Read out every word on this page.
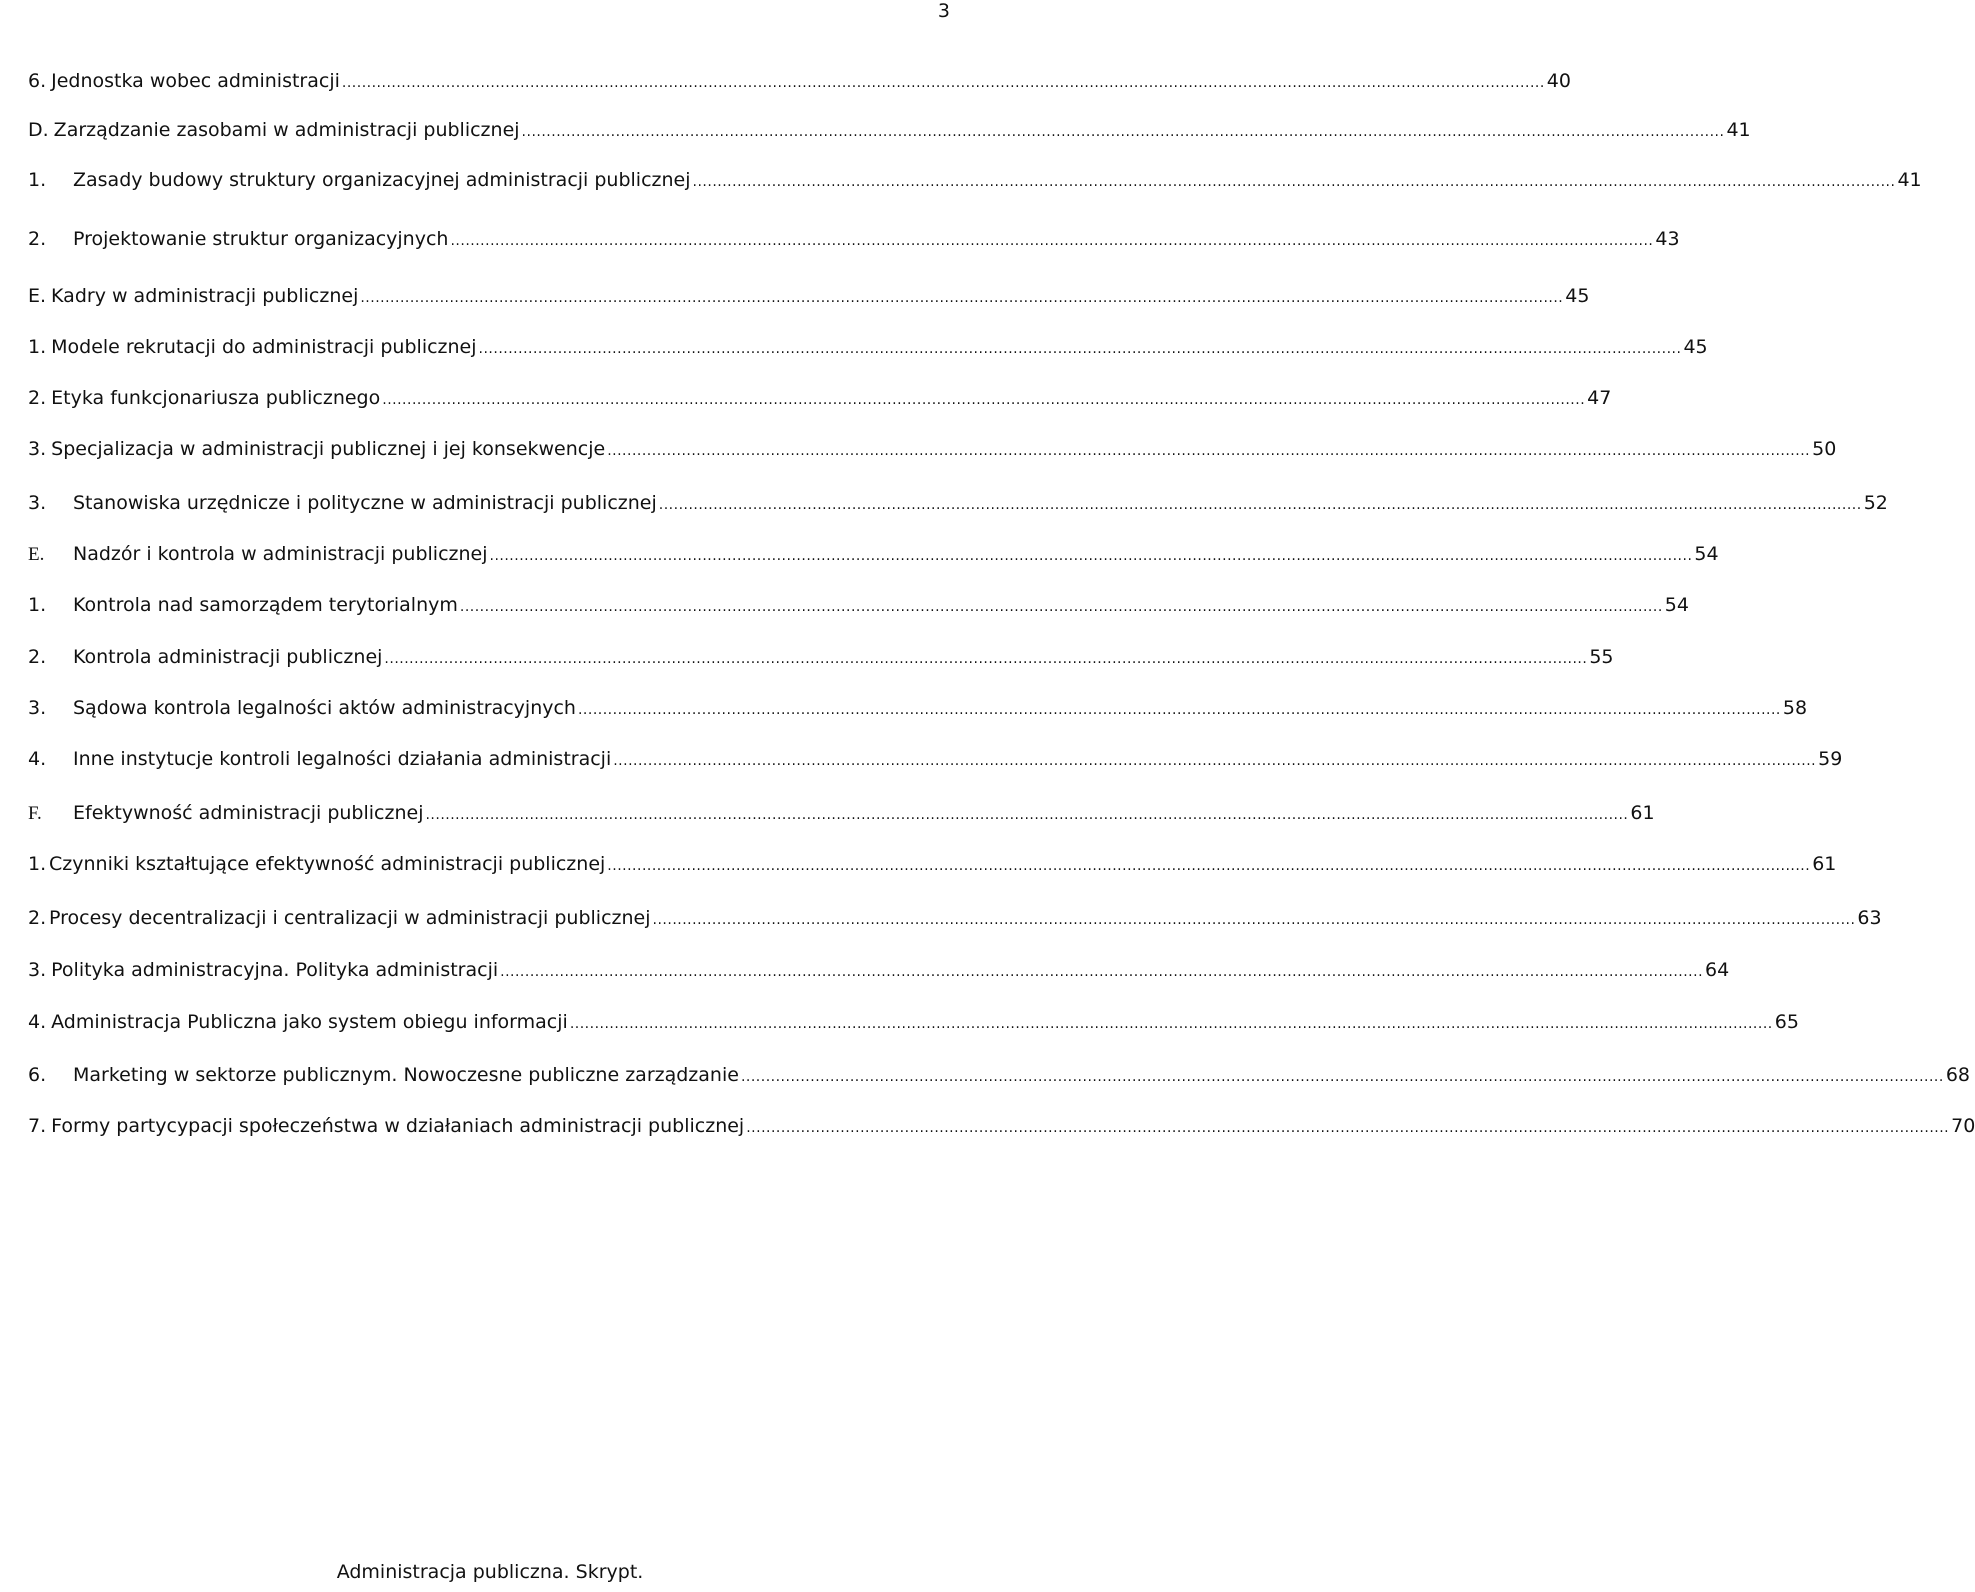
3
6. Jednostka wobec administracji .....	40
D. Zarządzanie zasobami w administracji publicznej .....	41
1.	Zasady budowy struktury organizacyjnej administracji publicznej .....	41
2.	Projektowanie struktur organizacyjnych .....	43
E. Kadry w administracji publicznej .....	45
1. Modele rekrutacji do administracji publicznej .....	45
2. Etyka funkcjonariusza publicznego .....	47
3. Specjalizacja w administracji publicznej i jej konsekwencje .....	50
3.	Stanowiska urzędnicze i polityczne w administracji publicznej .....	52
E.	Nadzór i kontrola w administracji publicznej .....	54
1.	Kontrola nad samorządem terytorialnym .....	54
2.	Kontrola administracji publicznej .....	55
3.	Sądowa kontrola legalności aktów administracyjnych .....	58
4.	Inne instytucje kontroli legalności działania administracji .....	59
F.	Efektywność administracji publicznej .....	61
1. Czynniki kształtujące efektywność administracji publicznej .....	61
2. Procesy decentralizacji i centralizacji w administracji publicznej .....	63
3. Polityka administracyjna. Polityka administracji .....	64
4. Administracja Publiczna jako system obiegu informacji .....	65
6.	Marketing w sektorze publicznym. Nowoczesne publiczne zarządzanie .....	68
7. Formy partycypacji społeczeństwa w działaniach administracji publicznej .....	70
Administracja publiczna. Skrypt.
